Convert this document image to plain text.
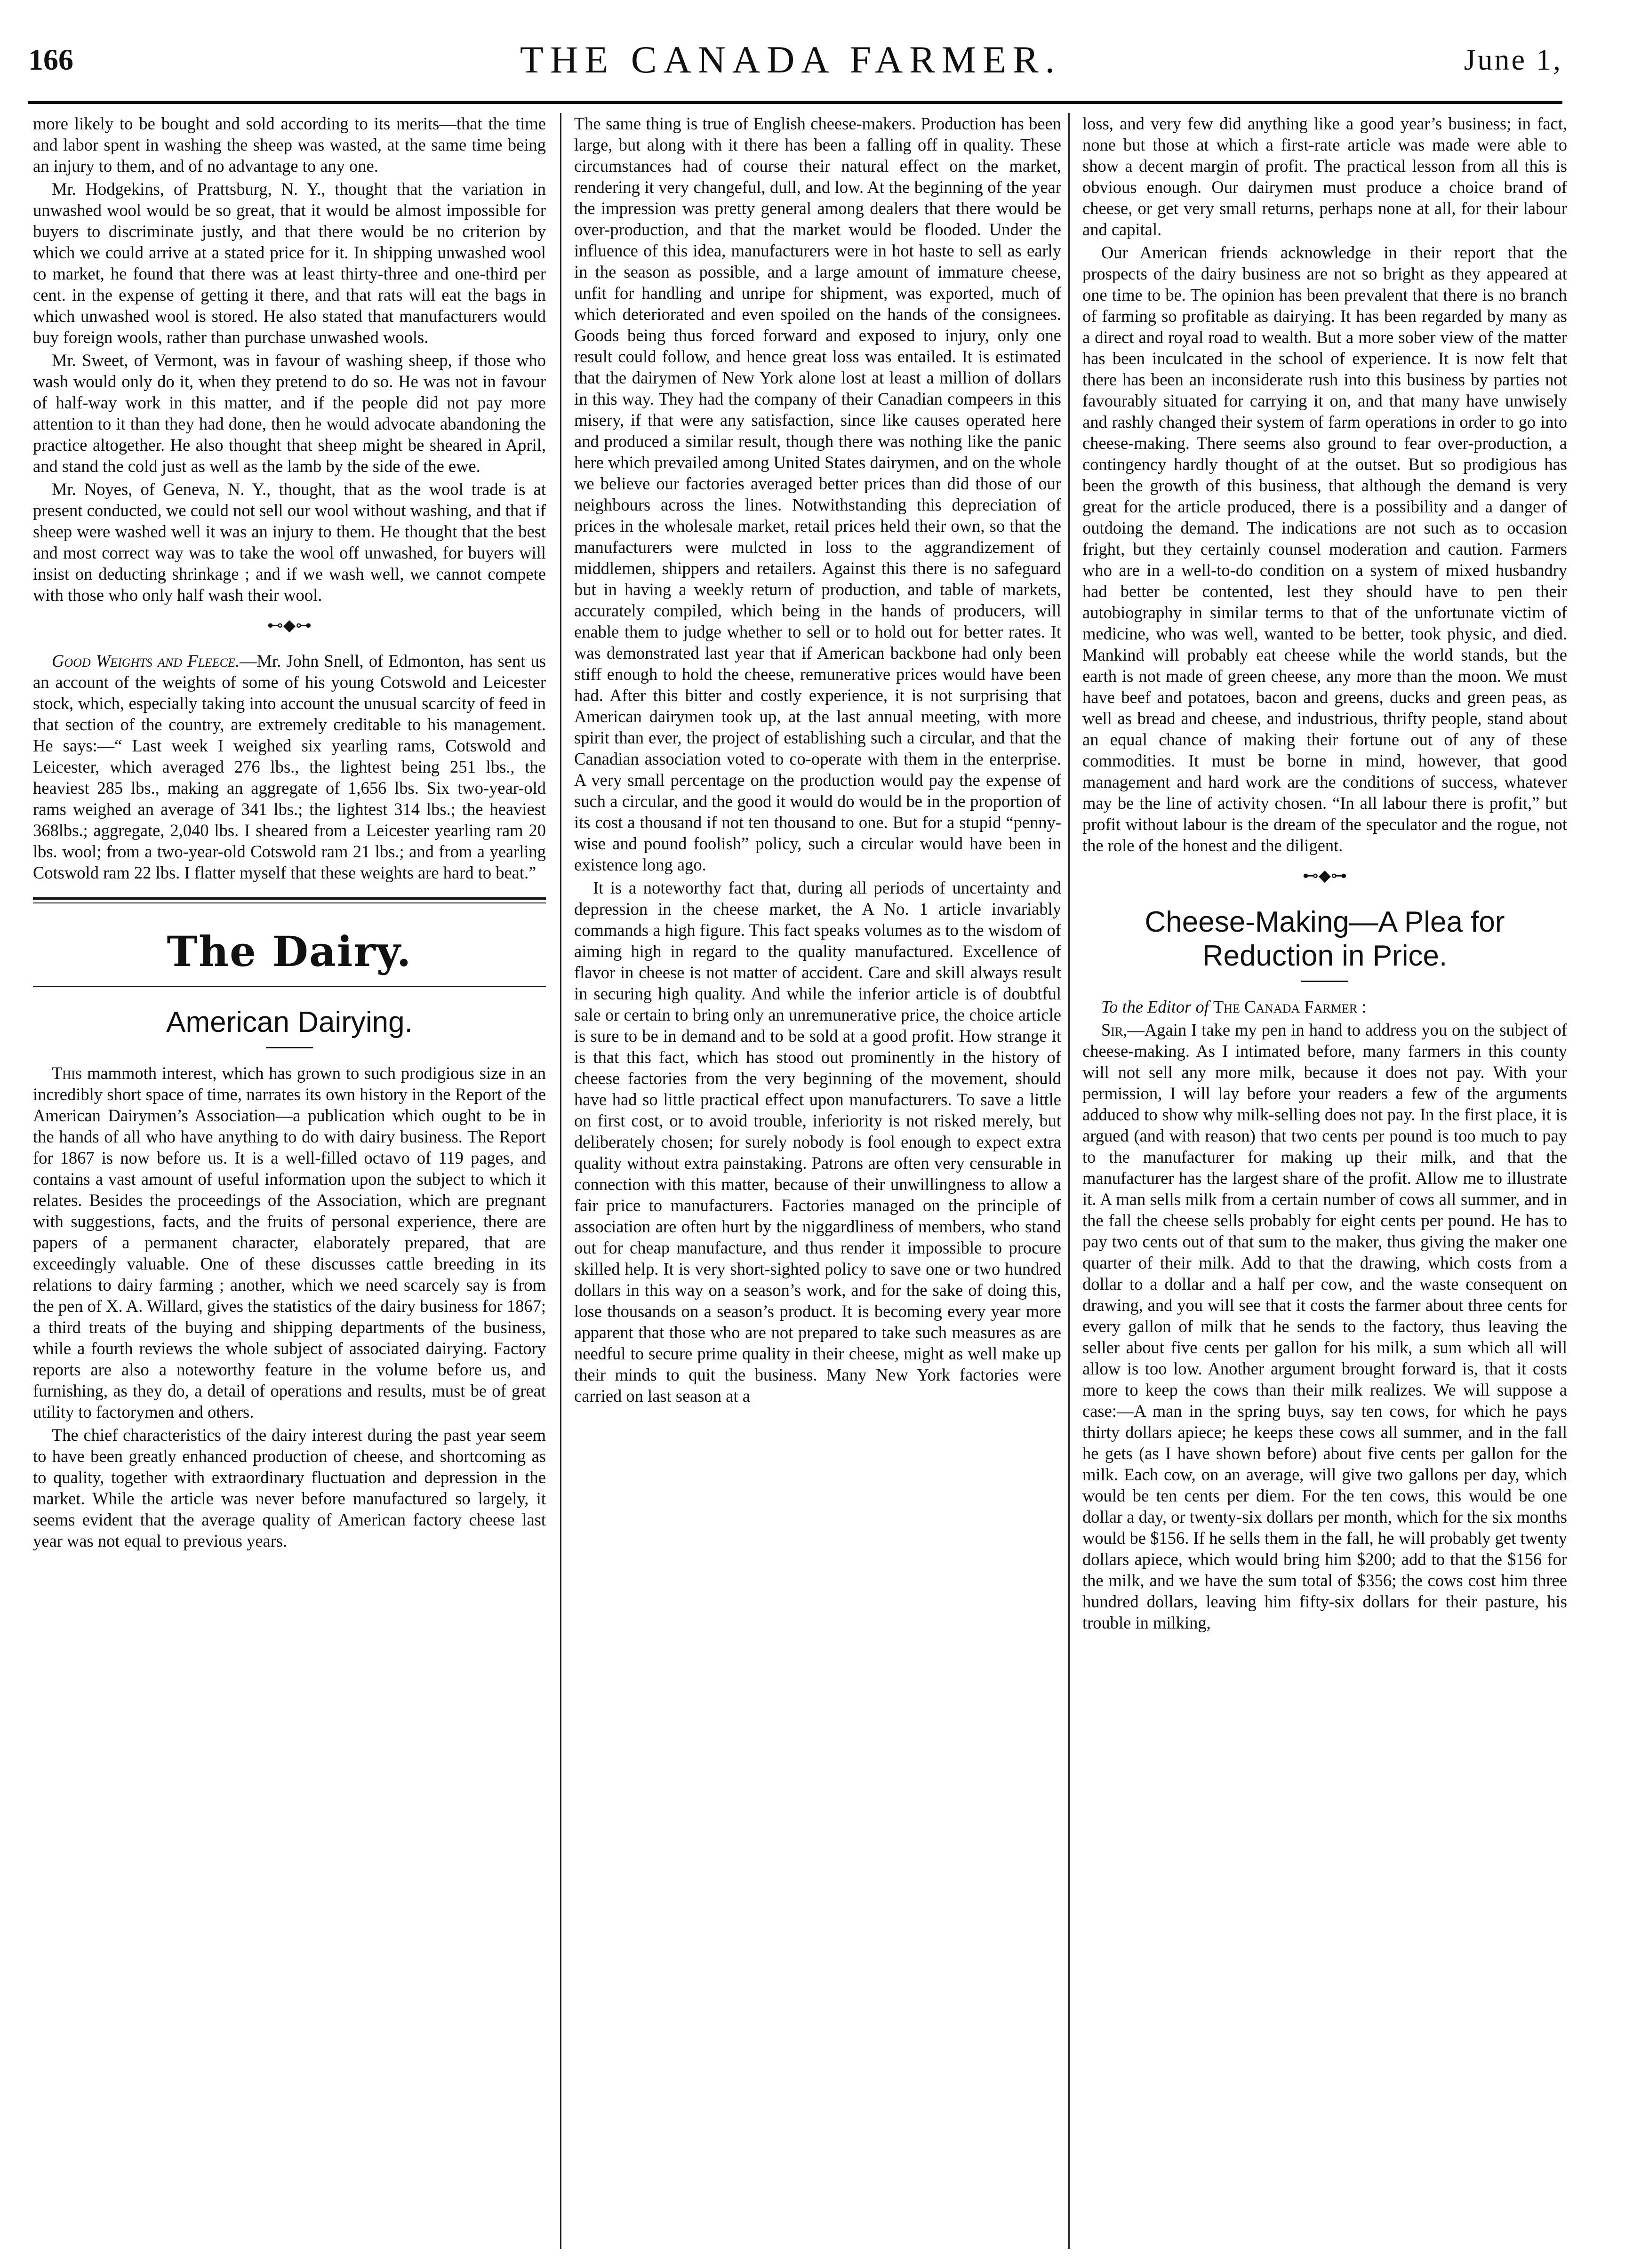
166	THE CANADA FARMER.	June 1,

more likely to be bought and sold according to its merits—that the time and labor spent in washing the sheep was wasted, at the same time being an injury to them, and of no advantage to any one.

Mr. Hodgekins, of Prattsburg, N. Y., thought that the variation in unwashed wool would be so great, that it would be almost impossible for buyers to discriminate justly, and that there would be no criterion by which we could arrive at a stated price for it. In shipping unwashed wool to market, he found that there was at least thirty-three and one-third per cent. in the expense of getting it there, and that rats will eat the bags in which unwashed wool is stored. He also stated that manufacturers would buy foreign wools, rather than purchase unwashed wools.

Mr. Sweet, of Vermont, was in favour of washing sheep, if those who wash would only do it, when they pretend to do so. He was not in favour of half-way work in this matter, and if the people did not pay more attention to it than they had done, then he would advocate abandoning the practice altogether. He also thought that sheep might be sheared in April, and stand the cold just as well as the lamb by the side of the ewe.

Mr. Noyes, of Geneva, N. Y., thought, that as the wool trade is at present conducted, we could not sell our wool without washing, and that if sheep were washed well it was an injury to them. He thought that the best and most correct way was to take the wool off unwashed, for buyers will insist on deducting shrinkage ; and if we wash well, we cannot compete with those who only half wash their wool.

⊷◆⊶

Good Weights and Fleece.—Mr. John Snell, of Edmonton, has sent us an account of the weights of some of his young Cotswold and Leicester stock, which, especially taking into account the unusual scarcity of feed in that section of the country, are extremely creditable to his management. He says:—“ Last week I weighed six yearling rams, Cotswold and Leicester, which averaged 276 lbs., the lightest being 251 lbs., the heaviest 285 lbs., making an aggregate of 1,656 lbs. Six two-year-old rams weighed an average of 341 lbs.; the lightest 314 lbs.; the heaviest 368lbs.; aggregate, 2,040 lbs. I sheared from a Leicester yearling ram 20 lbs. wool; from a two-year-old Cotswold ram 21 lbs.; and from a yearling Cotswold ram 22 lbs. I flatter myself that these weights are hard to beat.”

The Dairy.
American Dairying.

This mammoth interest, which has grown to such prodigious size in an incredibly short space of time, narrates its own history in the Report of the American Dairymen’s Association—a publication which ought to be in the hands of all who have anything to do with dairy business. The Report for 1867 is now before us. It is a well-filled octavo of 119 pages, and contains a vast amount of useful information upon the subject to which it relates. Besides the proceedings of the Association, which are pregnant with suggestions, facts, and the fruits of personal experience, there are papers of a permanent character, elaborately prepared, that are exceedingly valuable. One of these discusses cattle breeding in its relations to dairy farming ; another, which we need scarcely say is from the pen of X. A. Willard, gives the statistics of the dairy business for 1867; a third treats of the buying and shipping departments of the business, while a fourth reviews the whole subject of associated dairying. Factory reports are also a noteworthy feature in the volume before us, and furnishing, as they do, a detail of operations and results, must be of great utility to factorymen and others.

The chief characteristics of the dairy interest during the past year seem to have been greatly enhanced production of cheese, and shortcoming as to quality, together with extraordinary fluctuation and depression in the market. While the article was never before manufactured so largely, it seems evident that the average quality of American factory cheese last year was not equal to previous years.

The same thing is true of English cheese-makers. Production has been large, but along with it there has been a falling off in quality. These circumstances had of course their natural effect on the market, rendering it very changeful, dull, and low. At the beginning of the year the impression was pretty general among dealers that there would be over-production, and that the market would be flooded. Under the influence of this idea, manufacturers were in hot haste to sell as early in the season as possible, and a large amount of immature cheese, unfit for handling and unripe for shipment, was exported, much of which deteriorated and even spoiled on the hands of the consignees. Goods being thus forced forward and exposed to injury, only one result could follow, and hence great loss was entailed. It is estimated that the dairymen of New York alone lost at least a million of dollars in this way. They had the company of their Canadian compeers in this misery, if that were any satisfaction, since like causes operated here and produced a similar result, though there was nothing like the panic here which prevailed among United States dairymen, and on the whole we believe our factories averaged better prices than did those of our neighbours across the lines. Notwithstanding this depreciation of prices in the wholesale market, retail prices held their own, so that the manufacturers were mulcted in loss to the aggrandizement of middlemen, shippers and retailers. Against this there is no safeguard but in having a weekly return of production, and table of markets, accurately compiled, which being in the hands of producers, will enable them to judge whether to sell or to hold out for better rates. It was demonstrated last year that if American backbone had only been stiff enough to hold the cheese, remunerative prices would have been had. After this bitter and costly experience, it is not surprising that American dairymen took up, at the last annual meeting, with more spirit than ever, the project of establishing such a circular, and that the Canadian association voted to co-operate with them in the enterprise. A very small percentage on the production would pay the expense of such a circular, and the good it would do would be in the proportion of its cost a thousand if not ten thousand to one. But for a stupid “penny-wise and pound foolish” policy, such a circular would have been in existence long ago.

It is a noteworthy fact that, during all periods of uncertainty and depression in the cheese market, the A No. 1 article invariably commands a high figure. This fact speaks volumes as to the wisdom of aiming high in regard to the quality manufactured. Excellence of flavor in cheese is not matter of accident. Care and skill always result in securing high quality. And while the inferior article is of doubtful sale or certain to bring only an unremunerative price, the choice article is sure to be in demand and to be sold at a good profit. How strange it is that this fact, which has stood out prominently in the history of cheese factories from the very beginning of the movement, should have had so little practical effect upon manufacturers. To save a little on first cost, or to avoid trouble, inferiority is not risked merely, but deliberately chosen; for surely nobody is fool enough to expect extra quality without extra painstaking. Patrons are often very censurable in connection with this matter, because of their unwillingness to allow a fair price to manufacturers. Factories managed on the principle of association are often hurt by the niggardliness of members, who stand out for cheap manufacture, and thus render it impossible to procure skilled help. It is very short-sighted policy to save one or two hundred dollars in this way on a season’s work, and for the sake of doing this, lose thousands on a season’s product. It is becoming every year more apparent that those who are not prepared to take such measures as are needful to secure prime quality in their cheese, might as well make up their minds to quit the business. Many New York factories were carried on last season at a

loss, and very few did anything like a good year’s business; in fact, none but those at which a first-rate article was made were able to show a decent margin of profit. The practical lesson from all this is obvious enough. Our dairymen must produce a choice brand of cheese, or get very small returns, perhaps none at all, for their labour and capital.

Our American friends acknowledge in their report that the prospects of the dairy business are not so bright as they appeared at one time to be. The opinion has been prevalent that there is no branch of farming so profitable as dairying. It has been regarded by many as a direct and royal road to wealth. But a more sober view of the matter has been inculcated in the school of experience. It is now felt that there has been an inconsiderate rush into this business by parties not favourably situated for carrying it on, and that many have unwisely and rashly changed their system of farm operations in order to go into cheese-making. There seems also ground to fear over-production, a contingency hardly thought of at the outset. But so prodigious has been the growth of this business, that although the demand is very great for the article produced, there is a possibility and a danger of outdoing the demand. The indications are not such as to occasion fright, but they certainly counsel moderation and caution. Farmers who are in a well-to-do condition on a system of mixed husbandry had better be contented, lest they should have to pen their autobiography in similar terms to that of the unfortunate victim of medicine, who was well, wanted to be better, took physic, and died. Mankind will probably eat cheese while the world stands, but the earth is not made of green cheese, any more than the moon. We must have beef and potatoes, bacon and greens, ducks and green peas, as well as bread and cheese, and industrious, thrifty people, stand about an equal chance of making their fortune out of any of these commodities. It must be borne in mind, however, that good management and hard work are the conditions of success, whatever may be the line of activity chosen. “In all labour there is profit,” but profit without labour is the dream of the speculator and the rogue, not the role of the honest and the diligent.

⊷◆⊶
Cheese-Making—A Plea for Reduction in Price.

To the Editor of The Canada Farmer :

Sir,—Again I take my pen in hand to address you on the subject of cheese-making. As I intimated before, many farmers in this county will not sell any more milk, because it does not pay. With your permission, I will lay before your readers a few of the arguments adduced to show why milk-selling does not pay. In the first place, it is argued (and with reason) that two cents per pound is too much to pay to the manufacturer for making up their milk, and that the manufacturer has the largest share of the profit. Allow me to illustrate it. A man sells milk from a certain number of cows all summer, and in the fall the cheese sells probably for eight cents per pound. He has to pay two cents out of that sum to the maker, thus giving the maker one quarter of their milk. Add to that the drawing, which costs from a dollar to a dollar and a half per cow, and the waste consequent on drawing, and you will see that it costs the farmer about three cents for every gallon of milk that he sends to the factory, thus leaving the seller about five cents per gallon for his milk, a sum which all will allow is too low. Another argument brought forward is, that it costs more to keep the cows than their milk realizes. We will suppose a case:—A man in the spring buys, say ten cows, for which he pays thirty dollars apiece; he keeps these cows all summer, and in the fall he gets (as I have shown before) about five cents per gallon for the milk. Each cow, on an average, will give two gallons per day, which would be ten cents per diem. For the ten cows, this would be one dollar a day, or twenty-six dollars per month, which for the six months would be $156. If he sells them in the fall, he will probably get twenty dollars apiece, which would bring him $200; add to that the $156 for the milk, and we have the sum total of $356; the cows cost him three hundred dollars, leaving him fifty-six dollars for their pasture, his trouble in milking,
